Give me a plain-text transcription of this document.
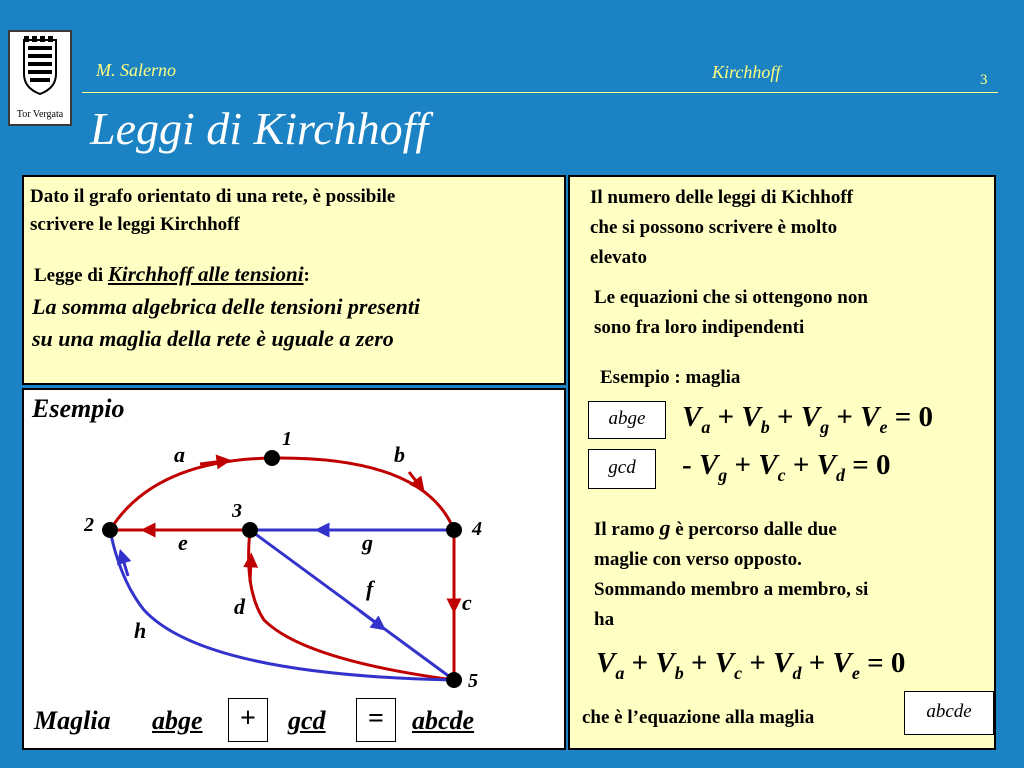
Tor Vergata
M. Salerno	Kirchhoff	3
Leggi di Kirchhoff
Dato il grafo orientato di una rete, è possibile
scrivere le leggi Kirchhoff
Legge di Kirchhoff alle tensioni:
La somma algebrica delle tensioni presenti
su una maglia della rete è uguale a zero
Esempio
1
2
3
4
5
a	b
c
d
e
f
g
h
Maglia abge	+	gcd	=	abcde
Il numero delle leggi di Kichhoff
che si possono scrivere è molto
elevato
Le equazioni che si ottengono non
sono fra loro indipendenti
Esempio : maglia
abge	$V_a + V_b + V_g + V_e = 0$
gcd	- $V_g + V_c + V_d = 0$
Il ramo g è percorso dalle due
maglie con verso opposto.
Sommando membro a membro, si
ha
$V_a + V_b + V_c + V_d + V_e = 0$
che è l’equazione alla maglia	abcde
